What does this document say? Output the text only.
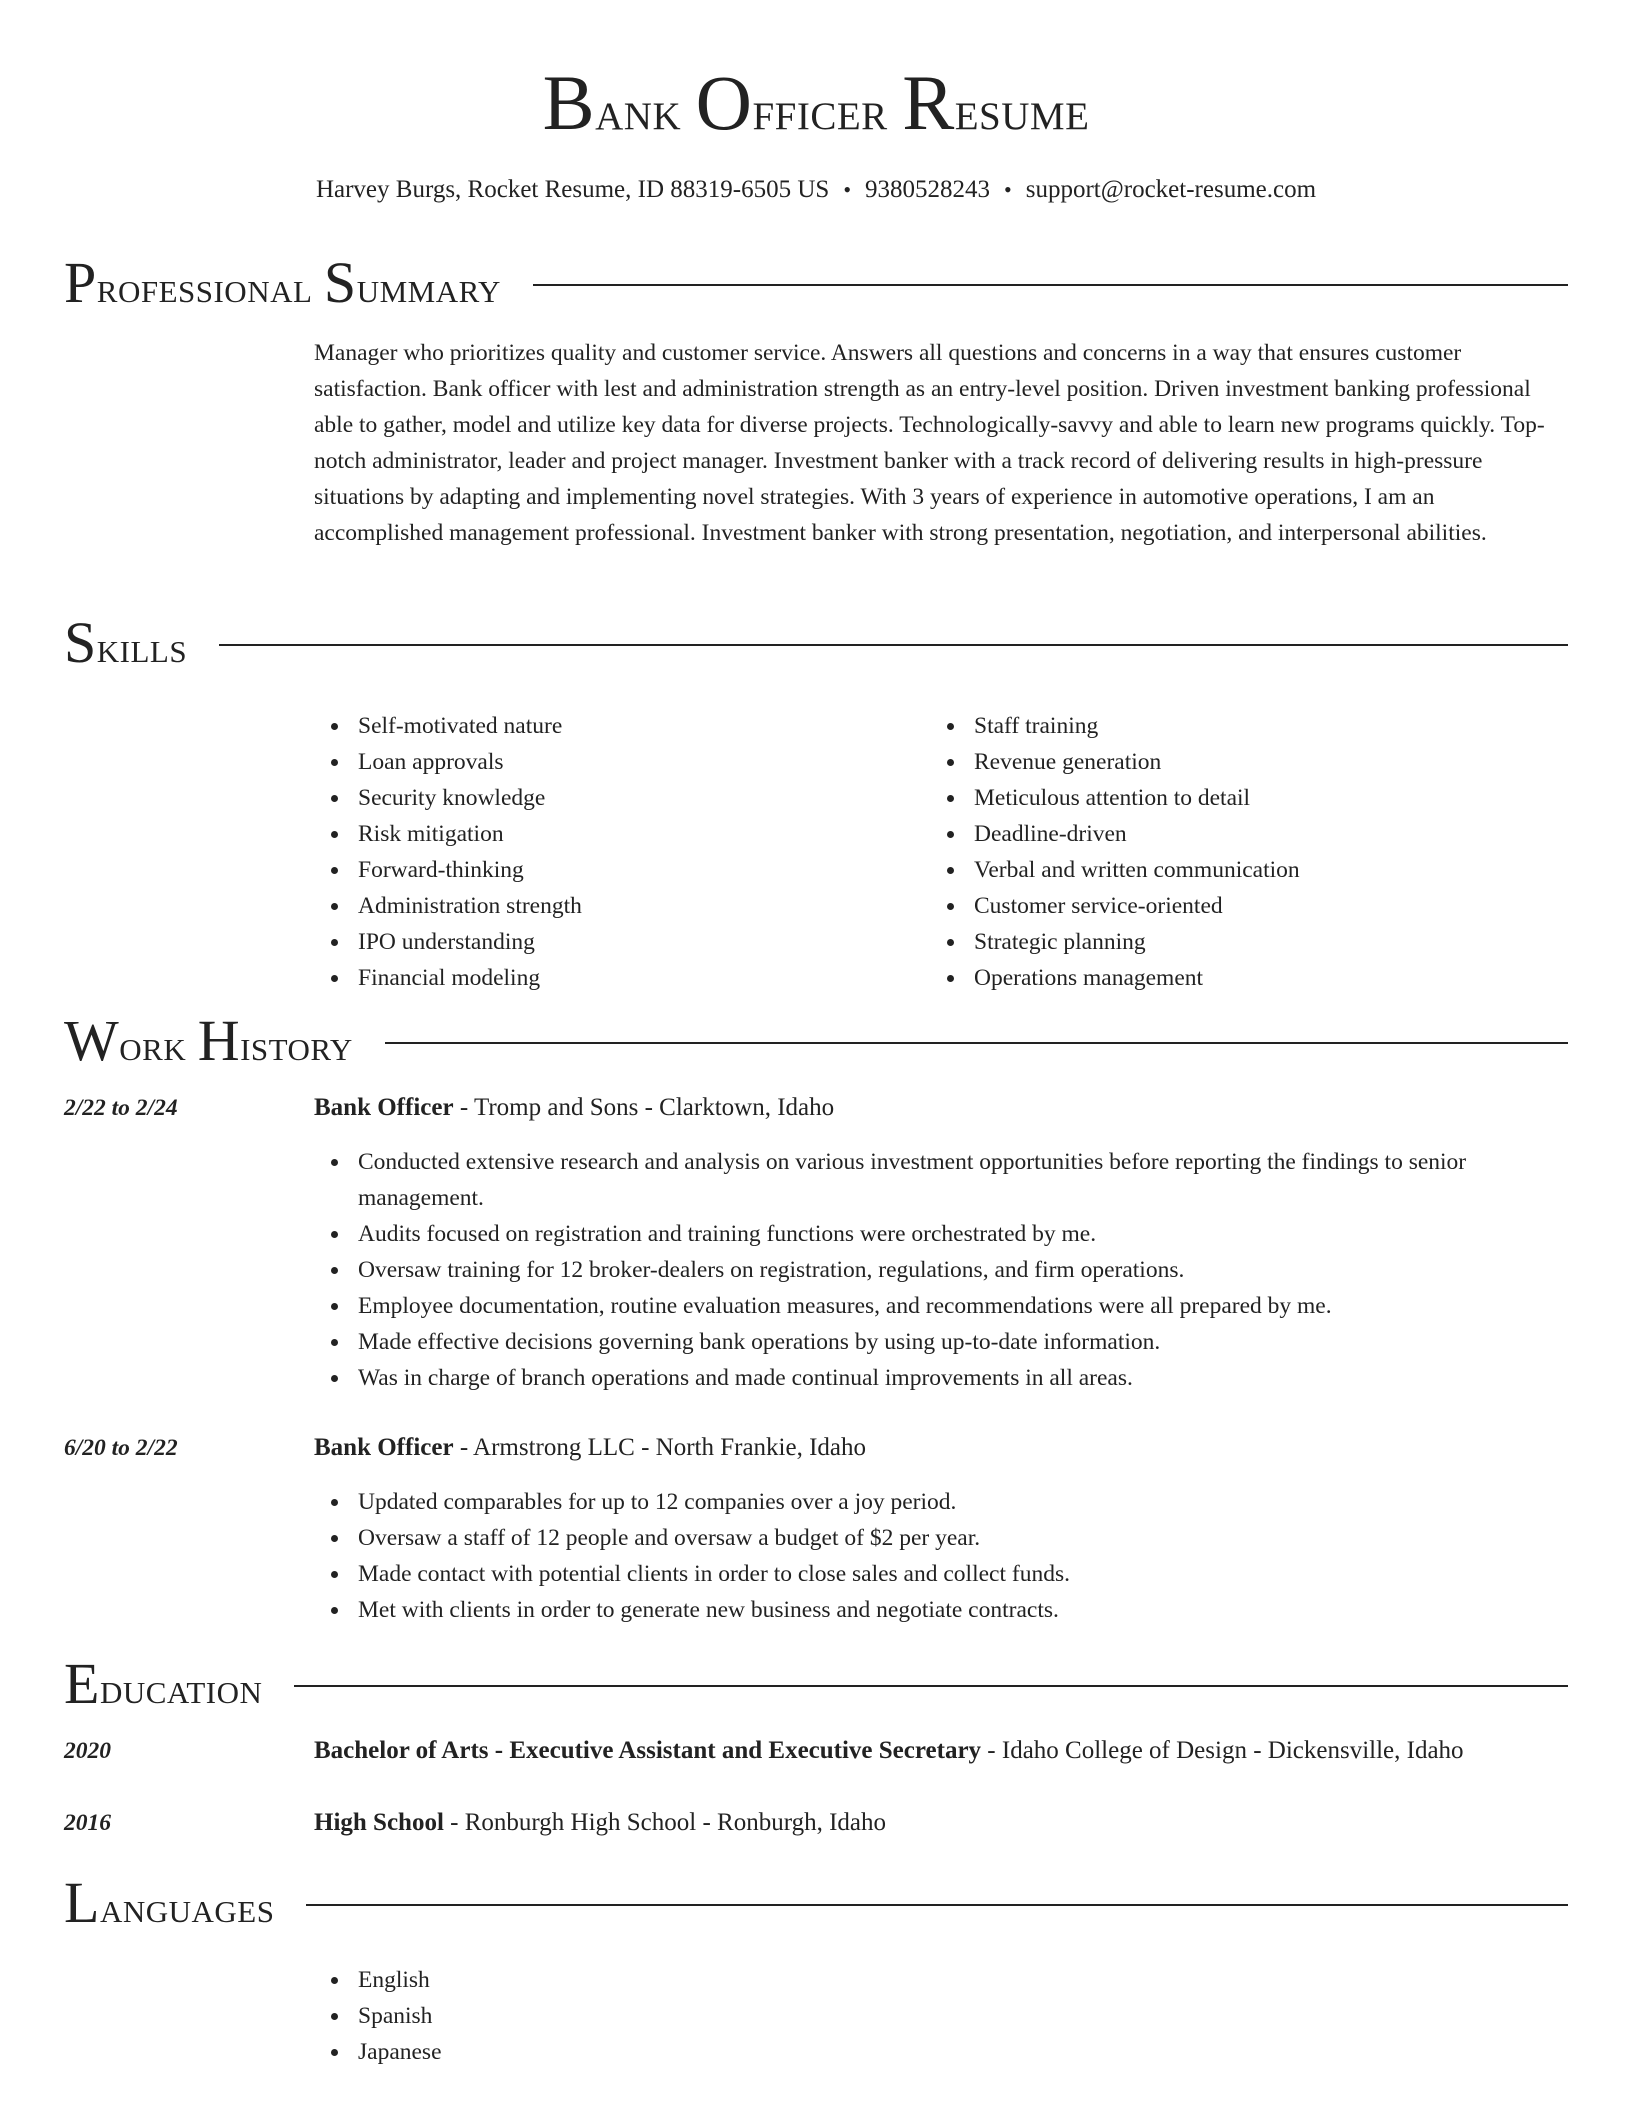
Bank Officer Resume
Harvey Burgs, Rocket Resume, ID 88319-6505 US • 9380528243 • support@rocket-resume.com
Professional Summary

Manager who prioritizes quality and customer service. Answers all questions and concerns in a way that ensures customer satisfaction. Bank officer with lest and administration strength as an entry-level position. Driven investment banking professional able to gather, model and utilize key data for diverse projects. Technologically-savvy and able to learn new programs quickly. Top-notch administrator, leader and project manager. Investment banker with a track record of delivering results in high-pressure situations by adapting and implementing novel strategies. With 3 years of experience in automotive operations, I am an accomplished management professional. Investment banker with strong presentation, negotiation, and interpersonal abilities.

Skills
Self-motivated nature
Loan approvals
Security knowledge
Risk mitigation
Forward-thinking
Administration strength
IPO understanding
Financial modeling
Staff training
Revenue generation
Meticulous attention to detail
Deadline-driven
Verbal and written communication
Customer service-oriented
Strategic planning
Operations management
Work History
2/22 to 2/24	Bank Officer - Tromp and Sons - Clarktown, Idaho
Conducted extensive research and analysis on various investment opportunities before reporting the findings to senior management.
Audits focused on registration and training functions were orchestrated by me.
Oversaw training for 12 broker-dealers on registration, regulations, and firm operations.
Employee documentation, routine evaluation measures, and recommendations were all prepared by me.
Made effective decisions governing bank operations by using up-to-date information.
Was in charge of branch operations and made continual improvements in all areas.
6/20 to 2/22	Bank Officer - Armstrong LLC - North Frankie, Idaho
Updated comparables for up to 12 companies over a joy period.
Oversaw a staff of 12 people and oversaw a budget of $2 per year.
Made contact with potential clients in order to close sales and collect funds.
Met with clients in order to generate new business and negotiate contracts.
Education
2020	Bachelor of Arts - Executive Assistant and Executive Secretary - Idaho College of Design - Dickensville, Idaho
2016	High School - Ronburgh High School - Ronburgh, Idaho
Languages
English
Spanish
Japanese
